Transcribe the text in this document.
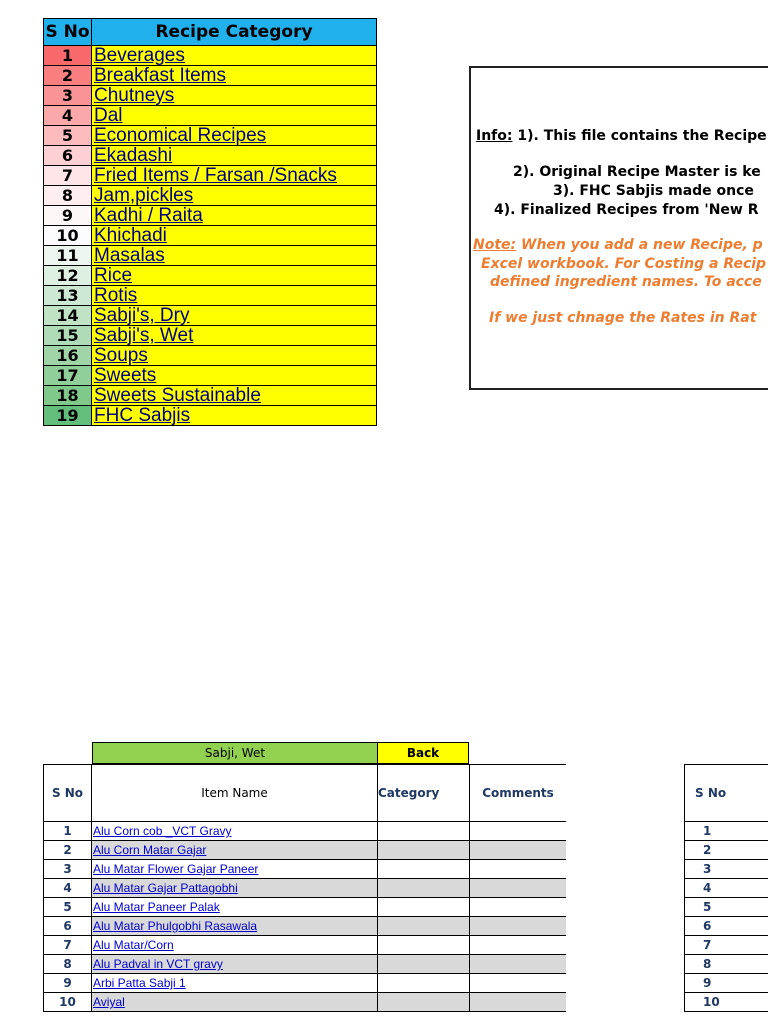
S No	Recipe Category
1	Beverages
2	Breakfast Items
3	Chutneys
4	Dal
5	Economical Recipes
6	Ekadashi
7	Fried Items / Farsan /Snacks
8	Jam,pickles
9	Kadhi / Raita
10	Khichadi
11	Masalas
12	Rice
13	Rotis
14	Sabji's, Dry
15	Sabji's, Wet
16	Soups
17	Sweets
18	Sweets Sustainable
19	FHC Sabjis
Info: 1). This file contains the Recipe
2). Original Recipe Master is ke
3). FHC Sabjis made once
4). Finalized Recipes from 'New R
Note: When you add a new Recipe, p
Excel workbook. For Costing a Recip
defined ingredient names. To acce
If we just chnage the Rates in Rat
Sabji, Wet	Back
S No	Item Name	Category	Comments
1	Alu Corn cob _VCT Gravy		
2	Alu Corn Matar Gajar		
3	Alu Matar Flower Gajar Paneer		
4	Alu Matar Gajar Pattagobhi		
5	Alu Matar Paneer Palak		
6	Alu Matar Phulgobhi Rasawala		
7	Alu Matar/Corn		
8	Alu Padval in VCT gravy		
9	Arbi Patta Sabji 1		
10	Aviyal		
S No
1
2
3
4
5
6
7
8
9
10
